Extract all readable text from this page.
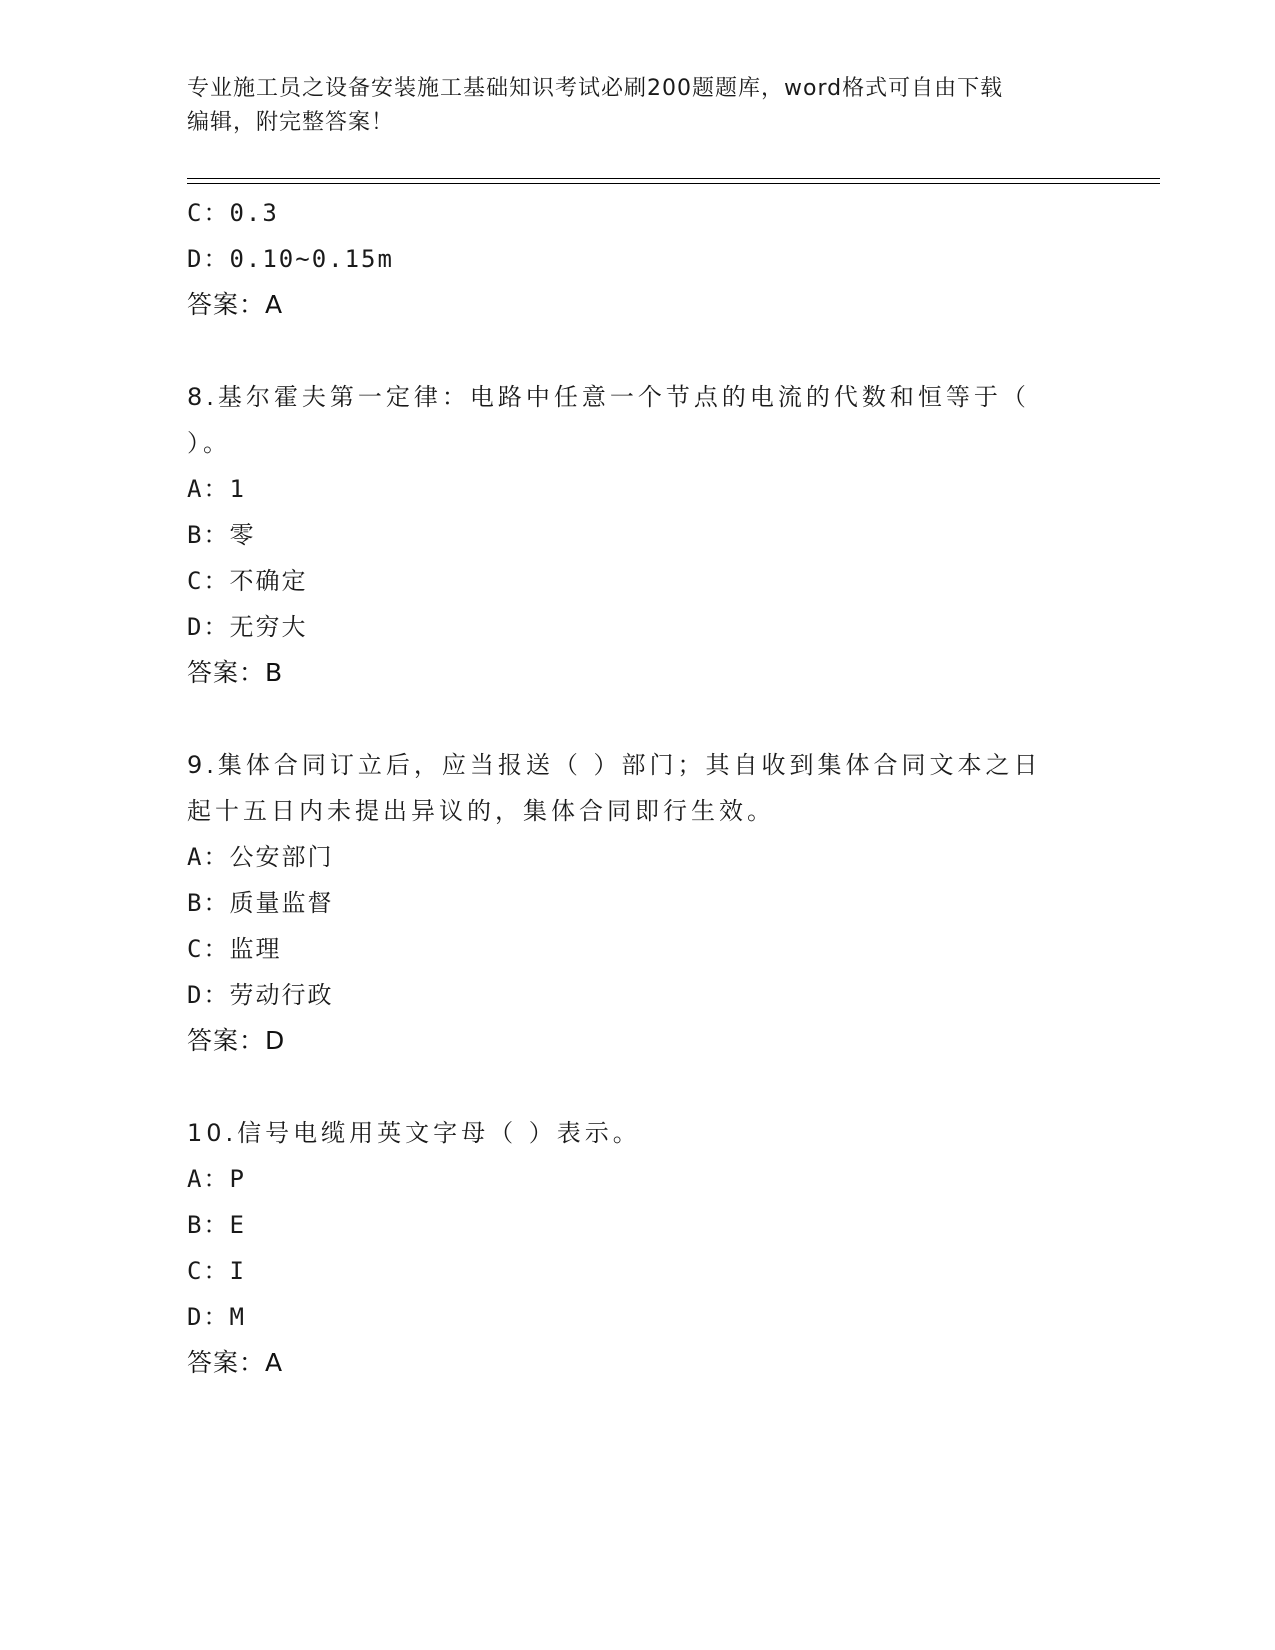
专业施工员之设备安装施工基础知识考试必刷200题题库，word格式可自由下载
编辑，附完整答案！
C：0.3
D：0.10~0.15m
答案：A
8.基尔霍夫第一定律：电路中任意一个节点的电流的代数和恒等于（
）。
A：1
B：零
C：不确定
D：无穷大
答案：B
9.集体合同订立后，应当报送（ ）部门；其自收到集体合同文本之日
起十五日内未提出异议的，集体合同即行生效。
A：公安部门
B：质量监督
C：监理
D：劳动行政
答案：D
10.信号电缆用英文字母（ ）表示。
A：P
B：E
C：I
D：M
答案：A
